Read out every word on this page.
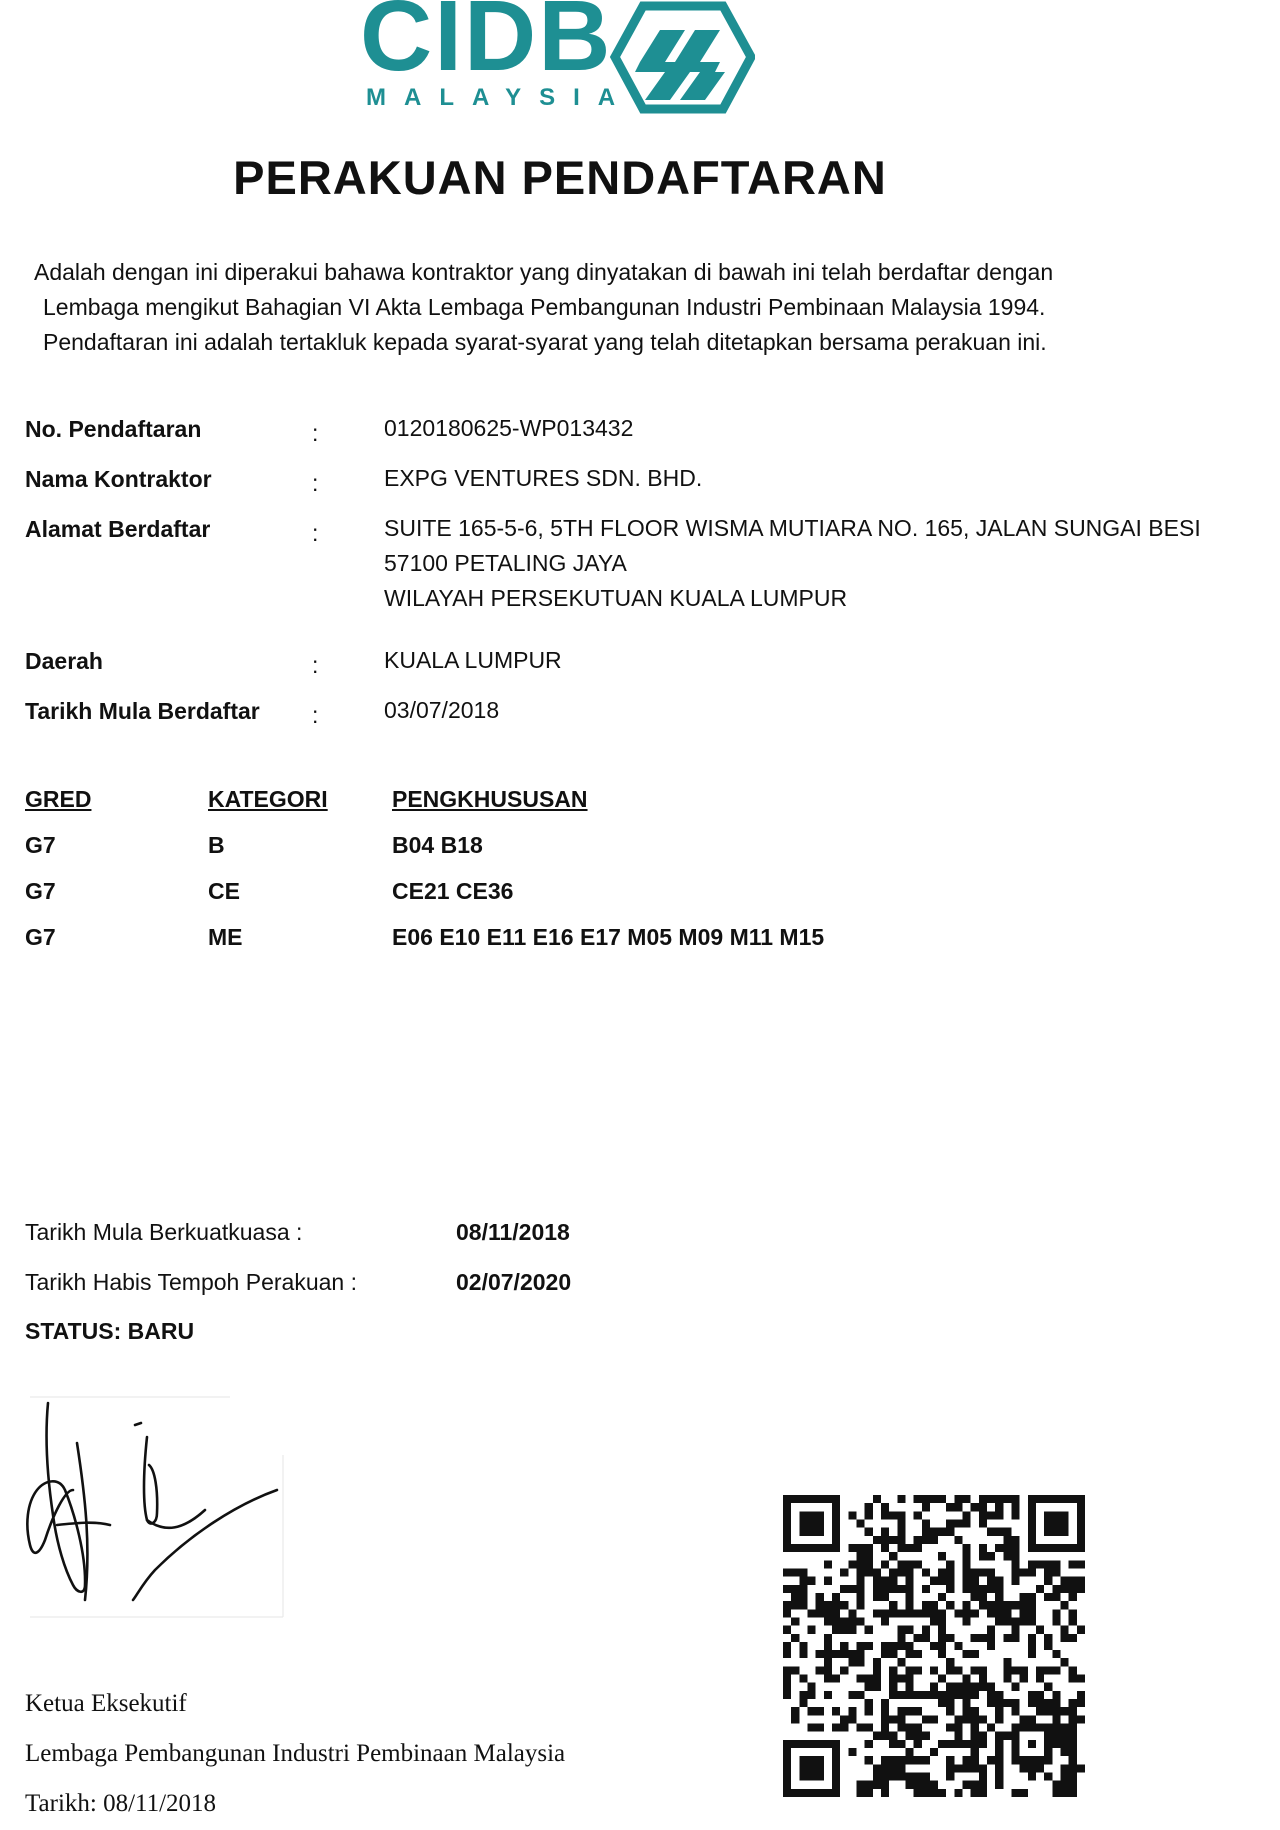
CIDB
MALAYSIA
PERAKUAN PENDAFTARAN
Adalah dengan ini diperakui bahawa kontraktor yang dinyatakan di bawah ini telah berdaftar dengan
Lembaga mengikut Bahagian VI Akta Lembaga Pembangunan Industri Pembinaan Malaysia 1994.
Pendaftaran ini adalah tertakluk kepada syarat-syarat yang telah ditetapkan bersama perakuan ini.
No. Pendaftaran	:	0120180625-WP013432
Nama Kontraktor	:	EXPG VENTURES SDN. BHD.
Alamat Berdaftar	:	SUITE 165-5-6, 5TH FLOOR WISMA MUTIARA NO. 165, JALAN SUNGAI BESI
57100 PETALING JAYA
WILAYAH PERSEKUTUAN KUALA LUMPUR
Daerah	:	KUALA LUMPUR
Tarikh Mula Berdaftar :	03/07/2018
GRED	KATEGORI	PENGKHUSUSAN
G7	B	B04 B18
G7	CE	CE21 CE36
G7	ME	E06 E10 E11 E16 E17 M05 M09 M11 M15
Tarikh Mula Berkuatkuasa :	08/11/2018
Tarikh Habis Tempoh Perakuan :	02/07/2020
STATUS: BARU
Ketua Eksekutif
Lembaga Pembangunan Industri Pembinaan Malaysia
Tarikh: 08/11/2018
